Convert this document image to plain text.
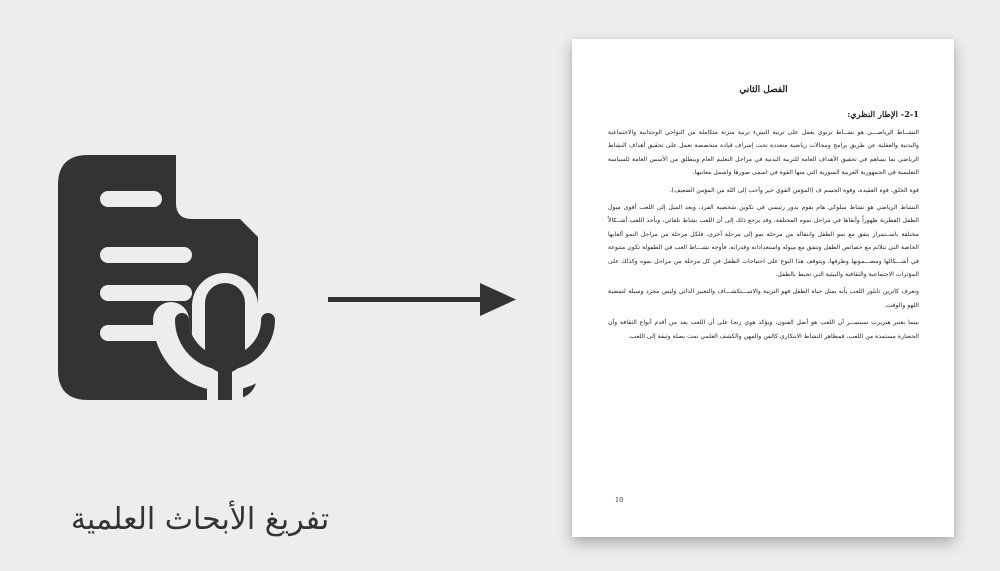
تفريغ الأبحاث العلمية
الفصل الثاني
2-1- الإطار النظري:

النشــاط الرياضـــي هو نشــاط تربوي يعمل على تربية النشء تربية متزنة متكاملة من النواحي الوجدانية والاجتماعية والبدنية والعقلية عن طريق برامج ومجالات رياضية متعددة تحت إشراف قيادة متخصصة تعمل على تحقيق أهداف النشاط الرياضي بما يساهم في تحقيق الأهداف العامة للتربية البدنية في مراحل التعليم العام وينطلق من الأسس العامة للسياسة التعليمية في الجمهورية العربية السورية التي منها القوة في اسمى صورها واشمل معانيها.

قوة الخلق، قوة العقيدة، وقوة الجسم ف (المؤمن القوي خير وأحب إلى الله من المؤمن الضعيف).

النشاط الرياضي هو نشاط سلوكي هام يقوم بدور رئيسي في تكوين شخصية الفرد، ويعد الميل إلى اللعب أقوى ميول الطفل الفطرية ظهوراً وأبقاها في مراحل نموه المختلفة، وقد يرجع ذلك إلى أن اللعب نشاط تلقائي، ويأخذ اللعب أشــكالاً مختلفة باســتمرار يتفق مع نمو الطفل وانتقاله من مرحلة نمو إلى مرحلة أخرى، فلكل مرحلة من مراحل النمو ألعابها الخاصة التي تتلائم مع خصائص الطفل وتتفق مع ميوله واستعداداته وقدراته. فأوجه نشـــاط العب في الطفولة تكون متنوعة في أشـــكالها ومضـــمونها وطرقها، ويتوقف هذا النوع على احتياجات الطفل في كل مرحلة من مراحل نموه وكذلك على المؤثرات الاجتماعية والثقافية والبيئية التي تحيط بالطفل.

وتعرف كاترين تايلور اللعب بأنه يمثل حياة الطفل فهو التربية والاســـتكشـــاف والتعبير الذاتي وليس مجرد وسيلة لتمضية اللهو والوقت.

بينما يعتبر هيربرت سبنســر أن اللعب هو أصل الفنون، ويؤكد هوي زنجا على أن اللعب يعد من أقدم أنواع الثقافة وأن الحضارة مستمدة من اللعب، فمظاهر النشاط الابتكاري كالفن والمهن والكشف العلمي نمت بصلة وثيقة إلى اللعب.

10
